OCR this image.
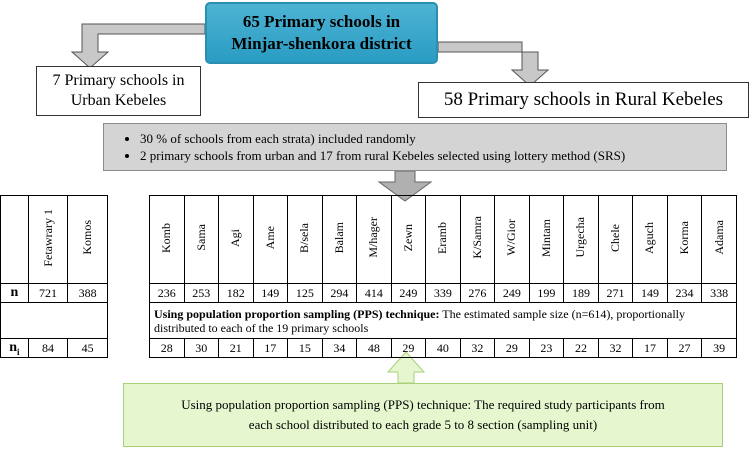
65 Primary schools in
Minjar-shenkora district
7 Primary schools in
Urban Kebeles	58 Primary schools in Rural Kebeles
• 30 % of schools from each strata) included randomly
• 2 primary schools from urban and 17 from rural Kebeles selected using lottery method (SRS)
	Fetawrary 1	Komos
n	721	388

$n_i$	84	45
Komb	Sama	Agi	Ame	B/sela	Balam	M/hager	Zewn	Eramb	K/Samra	W/Gior	Mintam	Urgecha	Chele	Aguch	Korma	Adama
236	253	182	149	125	294	414	249	339	276	249	199	189	271	149	234	338
Using population proportion sampling (PPS) technique: The estimated sample size (n=614), proportionally distributed to each of the 19 primary schools																
28	30	21	17	15	34	48	29	40	32	29	23	22	32	17	27	39
Using population proportion sampling (PPS) technique: The required study participants from
each school distributed to each grade 5 to 8 section (sampling unit)
